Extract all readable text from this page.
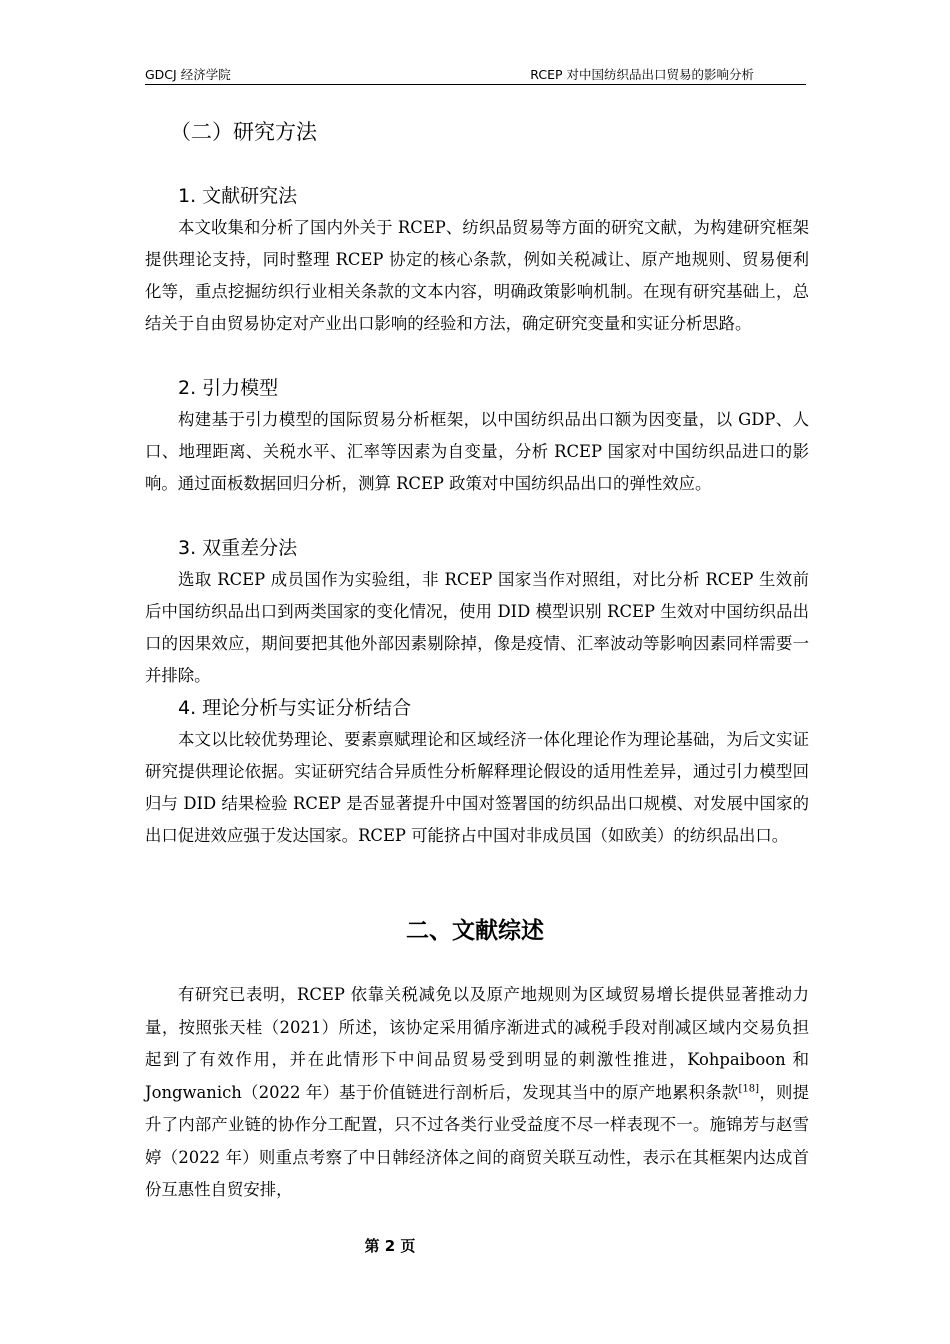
GDCJ 经济学院	RCEP 对中国纺织品出口贸易的影响分析
（二）研究方法
1. 文献研究法

本文收集和分析了国内外关于 RCEP、纺织品贸易等方面的研究文献，为构建研究框架提供理论支持，同时整理 RCEP 协定的核心条款，例如关税减让、原产地规则、贸易便利化等，重点挖掘纺织行业相关条款的文本内容，明确政策影响机制。在现有研究基础上，总结关于自由贸易协定对产业出口影响的经验和方法，确定研究变量和实证分析思路。

2. 引力模型

构建基于引力模型的国际贸易分析框架，以中国纺织品出口额为因变量，以 GDP、人口、地理距离、关税水平、汇率等因素为自变量，分析 RCEP 国家对中国纺织品进口的影响。通过面板数据回归分析，测算 RCEP 政策对中国纺织品出口的弹性效应。

3. 双重差分法

选取 RCEP 成员国作为实验组，非 RCEP 国家当作对照组，对比分析 RCEP 生效前后中国纺织品出口到两类国家的变化情况，使用 DID 模型识别 RCEP 生效对中国纺织品出口的因果效应，期间要把其他外部因素剔除掉，像是疫情、汇率波动等影响因素同样需要一并排除。

4. 理论分析与实证分析结合

本文以比较优势理论、要素禀赋理论和区域经济一体化理论作为理论基础，为后文实证研究提供理论依据。实证研究结合异质性分析解释理论假设的适用性差异，通过引力模型回归与 DID 结果检验 RCEP 是否显著提升中国对签署国的纺织品出口规模、对发展中国家的出口促进效应强于发达国家。RCEP 可能挤占中国对非成员国（如欧美）的纺织品出口。

二、文献综述

有研究已表明，RCEP 依靠关税减免以及原产地规则为区域贸易增长提供显著推动力量，按照张天桂（2021）所述，该协定采用循序渐进式的减税手段对削减区域内交易负担起到了有效作用，并在此情形下中间品贸易受到明显的刺激性推进，Kohpaiboon 和 Jongwanich（2022 年）基于价值链进行剖析后，发现其当中的原产地累积条款[18]，则提升了内部产业链的协作分工配置，只不过各类行业受益度不尽一样表现不一。施锦芳与赵雪婷（2022 年）则重点考察了中日韩经济体之间的商贸关联互动性，表示在其框架内达成首份互惠性自贸安排，

第 2 页
